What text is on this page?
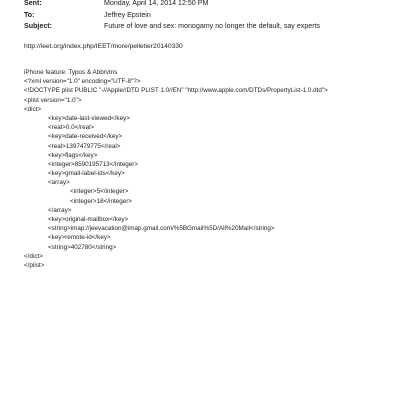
Sent:	Monday, April 14, 2014 12:50 PM
To:	Jeffrey Epstein
Subject:	Future of love and sex: monogamy no longer the default, say experts
http://ieet.org/index.php/IEET/more/pelletier20140330
iPhone feature: Typos & Abbrvtns
<?xml version="1.0" encoding="UTF-8"?>
<!DOCTYPE plist PUBLIC "-//Apple//DTD PLIST 1.0//EN" "http://www.apple.com/DTDs/PropertyList-1.0.dtd">
<plist version="1.0">
<dict>
<key>date-last-viewed</key>
<real>0.0</real>
<key>date-received</key>
<real>1397479775</real>
<key>flags</key>
<integer>8590195713</integer>
<key>gmail-label-ids</key>
<array>
<integer>5</integer>
<integer>18</integer>
</array>
<key>original-mailbox</key>
<string>imap://jeevacation@imap.gmail.com/%5BGmail%5D/All%20Mail</string>
<key>remote-id</key>
<string>402780</string>
</dict>
</plist>
